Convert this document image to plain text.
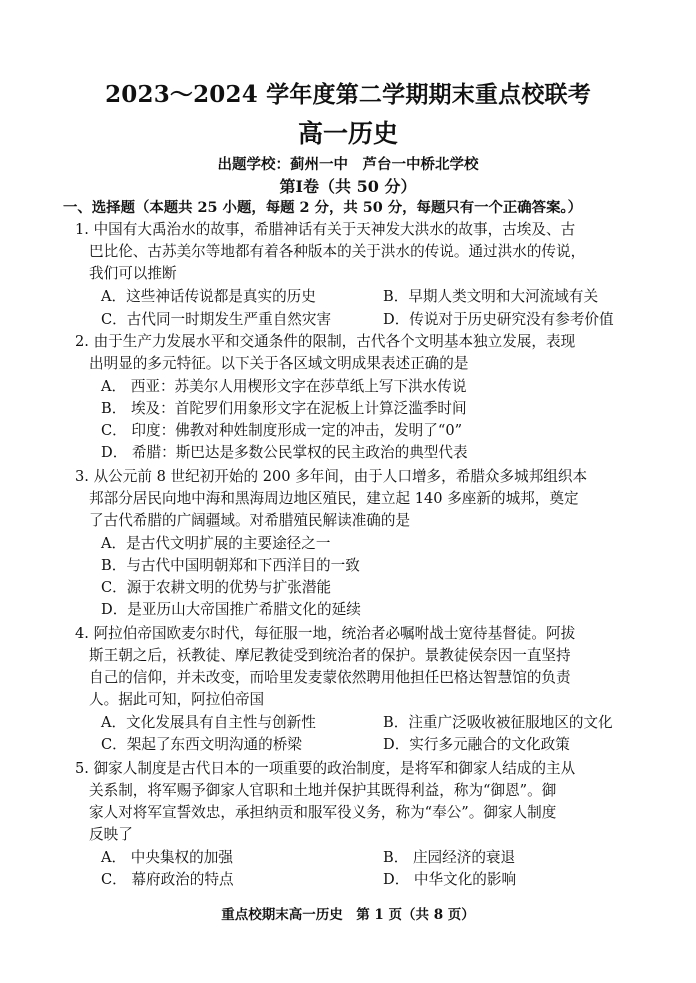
2023～2024 学年度第二学期期末重点校联考
高一历史
出题学校：蓟州一中　芦台一中桥北学校
第Ⅰ卷（共 50 分）
一、选择题（本题共 25 小题，每题 2 分，共 50 分，每题只有一个正确答案。）
1. 中国有大禹治水的故事，希腊神话有关于天神发大洪水的故事，古埃及、古
巴比伦、古苏美尔等地都有着各种版本的关于洪水的传说。通过洪水的传说，
我们可以推断
A．这些神话传说都是真实的历史	B．早期人类文明和大河流域有关
C．古代同一时期发生严重自然灾害	D．传说对于历史研究没有参考价值
2. 由于生产力发展水平和交通条件的限制，古代各个文明基本独立发展，表现
出明显的多元特征。以下关于各区域文明成果表述正确的是
A． 西亚：苏美尔人用楔形文字在莎草纸上写下洪水传说
B． 埃及：首陀罗们用象形文字在泥板上计算泛滥季时间
C． 印度：佛教对种姓制度形成一定的冲击，发明了“0”
D． 希腊：斯巴达是多数公民掌权的民主政治的典型代表
3. 从公元前 8 世纪初开始的 200 多年间，由于人口增多，希腊众多城邦组织本
邦部分居民向地中海和黑海周边地区殖民，建立起 140 多座新的城邦，奠定
了古代希腊的广阔疆域。对希腊殖民解读准确的是
A．是古代文明扩展的主要途径之一
B．与古代中国明朝郑和下西洋目的一致
C．源于农耕文明的优势与扩张潜能
D．是亚历山大帝国推广希腊文化的延续
4. 阿拉伯帝国欧麦尔时代，每征服一地，统治者必嘱咐战士宽待基督徒。阿拔
斯王朝之后，袄教徒、摩尼教徒受到统治者的保护。景教徒侯奈因一直坚持
自己的信仰，并未改变，而哈里发麦蒙依然聘用他担任巴格达智慧馆的负责
人。据此可知，阿拉伯帝国
A．文化发展具有自主性与创新性	B．注重广泛吸收被征服地区的文化
C．架起了东西文明沟通的桥梁	D．实行多元融合的文化政策
5. 御家人制度是古代日本的一项重要的政治制度，是将军和御家人结成的主从
关系制，将军赐予御家人官职和土地并保护其既得利益，称为“御恩”。御
家人对将军宣誓效忠，承担纳贡和服军役义务，称为“奉公”。御家人制度
反映了
A． 中央集权的加强	B． 庄园经济的衰退
C． 幕府政治的特点	D． 中华文化的影响
重点校期末高一历史　第 1 页（共 8 页）
